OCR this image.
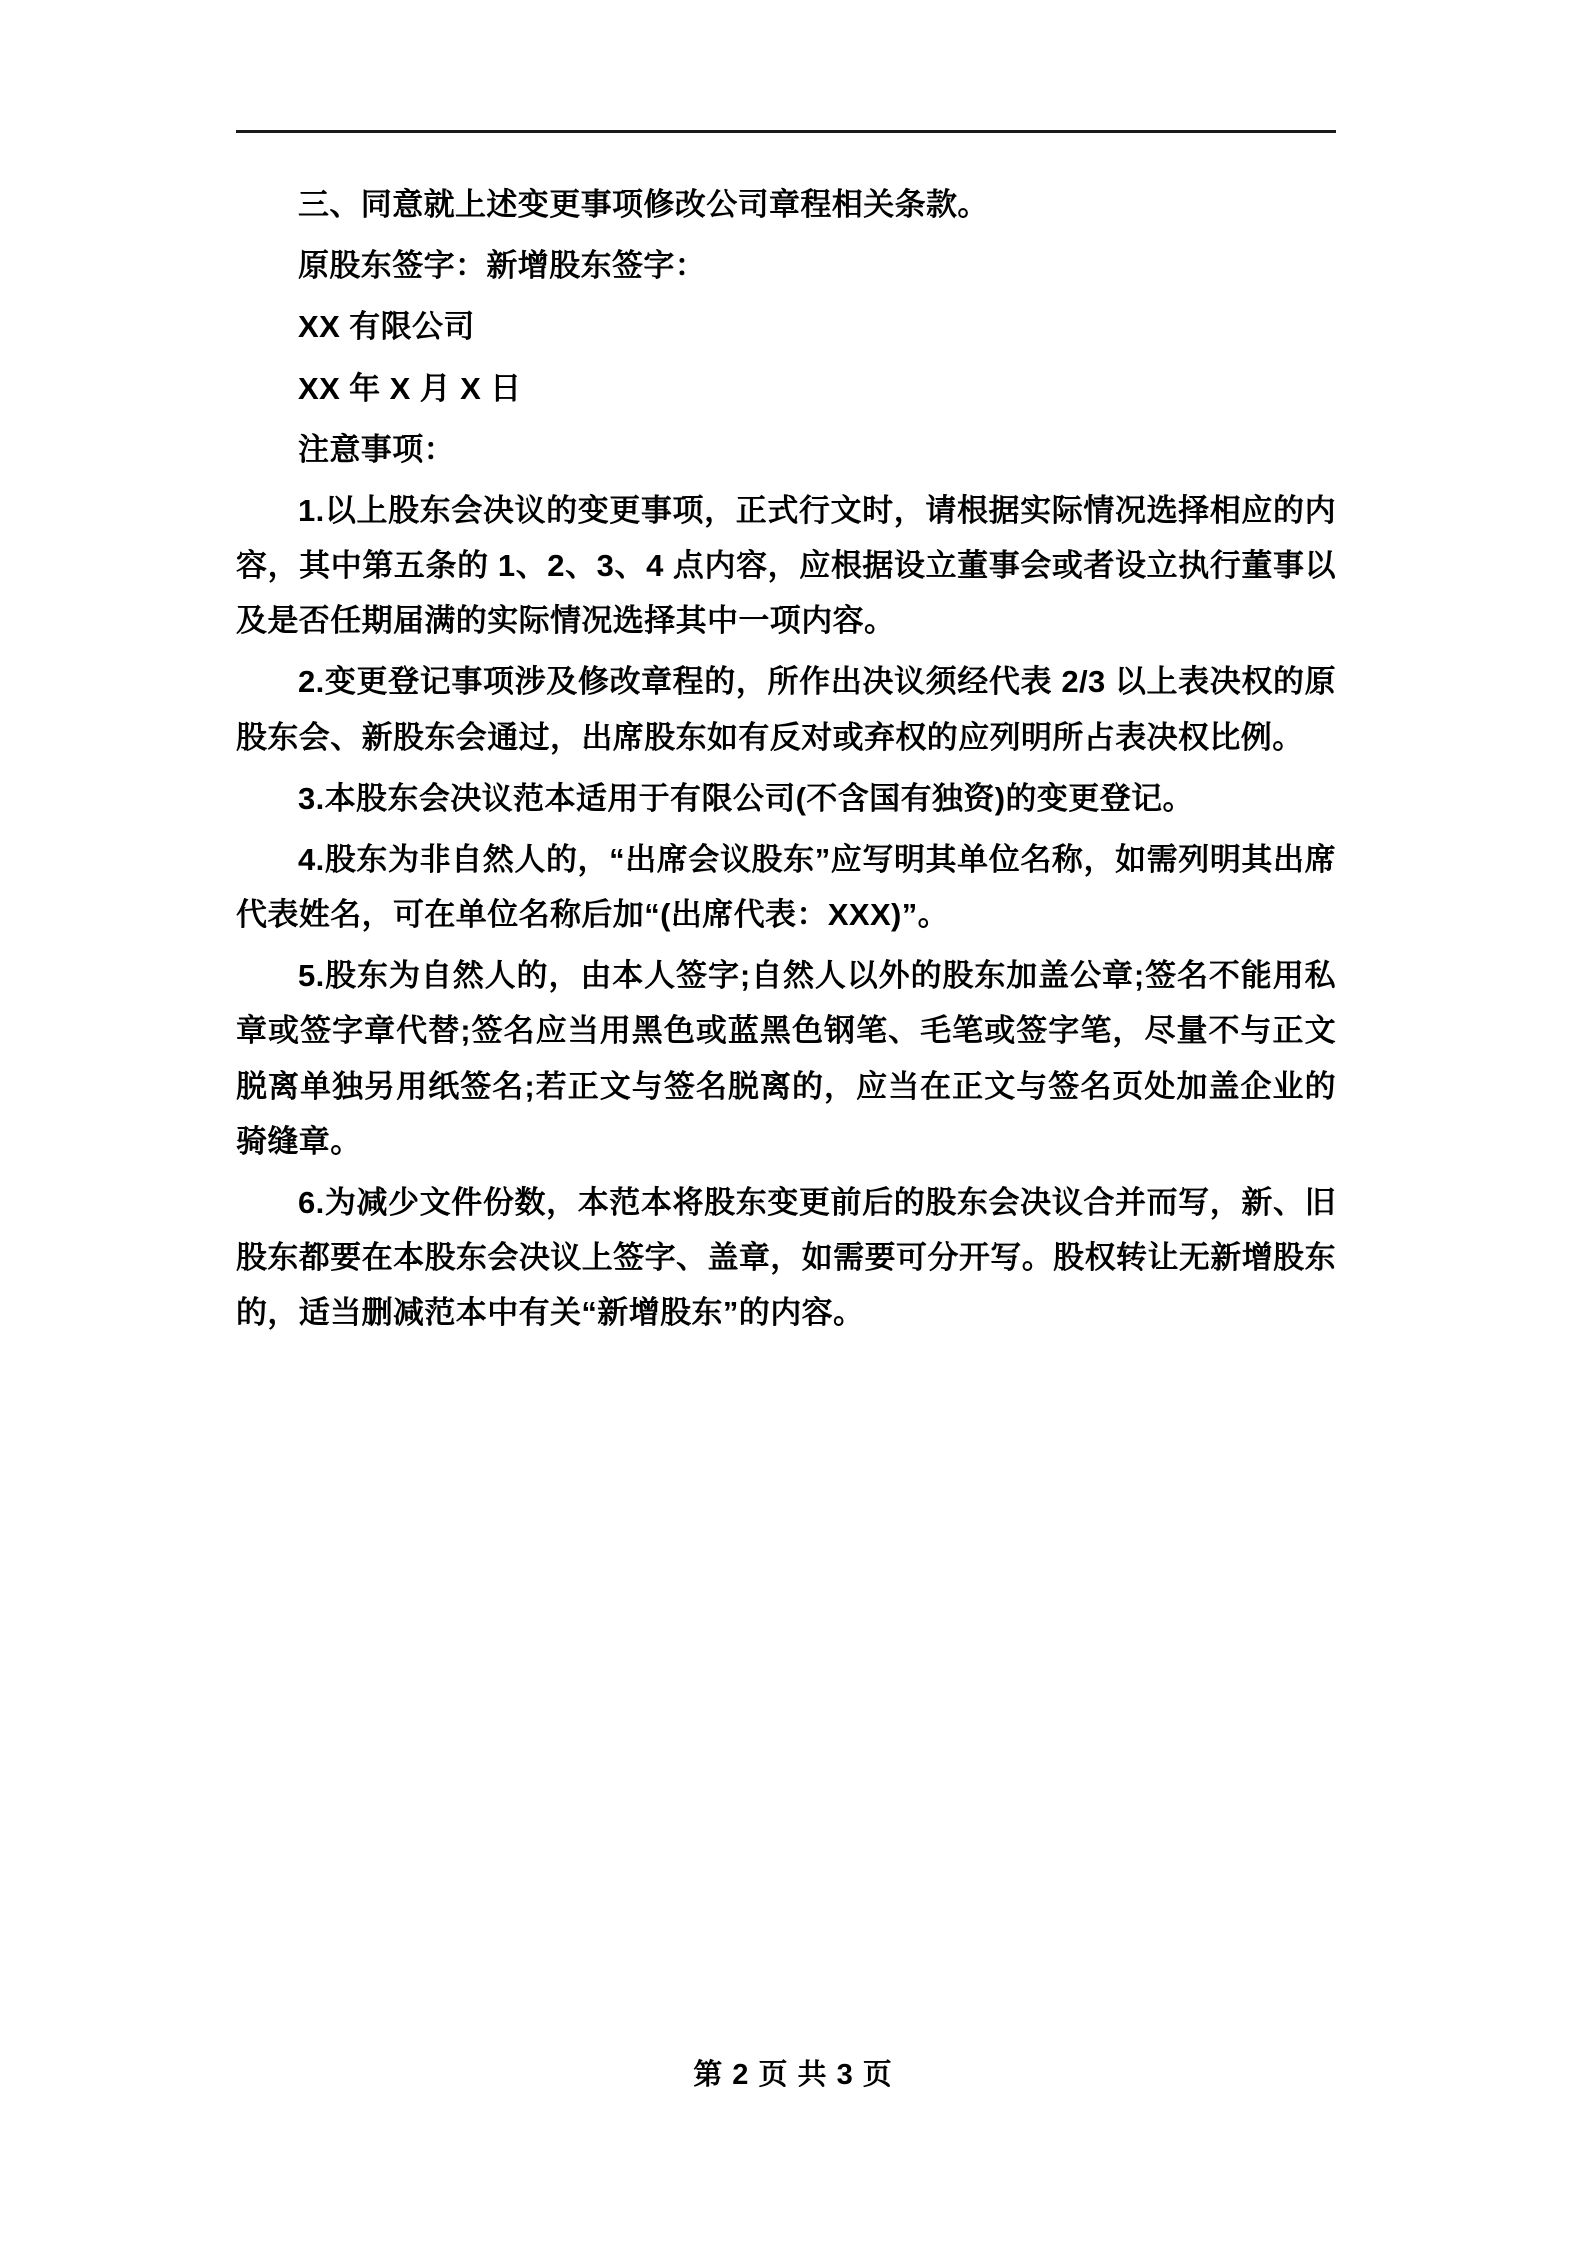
三、同意就上述变更事项修改公司章程相关条款。

原股东签字：新增股东签字：

XX 有限公司

XX 年 X 月 X 日

注意事项：

1.以上股东会决议的变更事项，正式行文时，请根据实际情况选择相应的内容，其中第五条的 1、2、3、4 点内容，应根据设立董事会或者设立执行董事以及是否任期届满的实际情况选择其中一项内容。

2.变更登记事项涉及修改章程的，所作出决议须经代表 2/3 以上表决权的原股东会、新股东会通过，出席股东如有反对或弃权的应列明所占表决权比例。

3.本股东会决议范本适用于有限公司(不含国有独资)的变更登记。

4.股东为非自然人的，“出席会议股东”应写明其单位名称，如需列明其出席代表姓名，可在单位名称后加“(出席代表：XXX)”。

5.股东为自然人的，由本人签字;自然人以外的股东加盖公章;签名不能用私章或签字章代替;签名应当用黑色或蓝黑色钢笔、毛笔或签字笔，尽量不与正文脱离单独另用纸签名;若正文与签名脱离的，应当在正文与签名页处加盖企业的骑缝章。

6.为减少文件份数，本范本将股东变更前后的股东会决议合并而写，新、旧股东都要在本股东会决议上签字、盖章，如需要可分开写。股权转让无新增股东的，适当删减范本中有关“新增股东”的内容。

第 2 页 共 3 页
